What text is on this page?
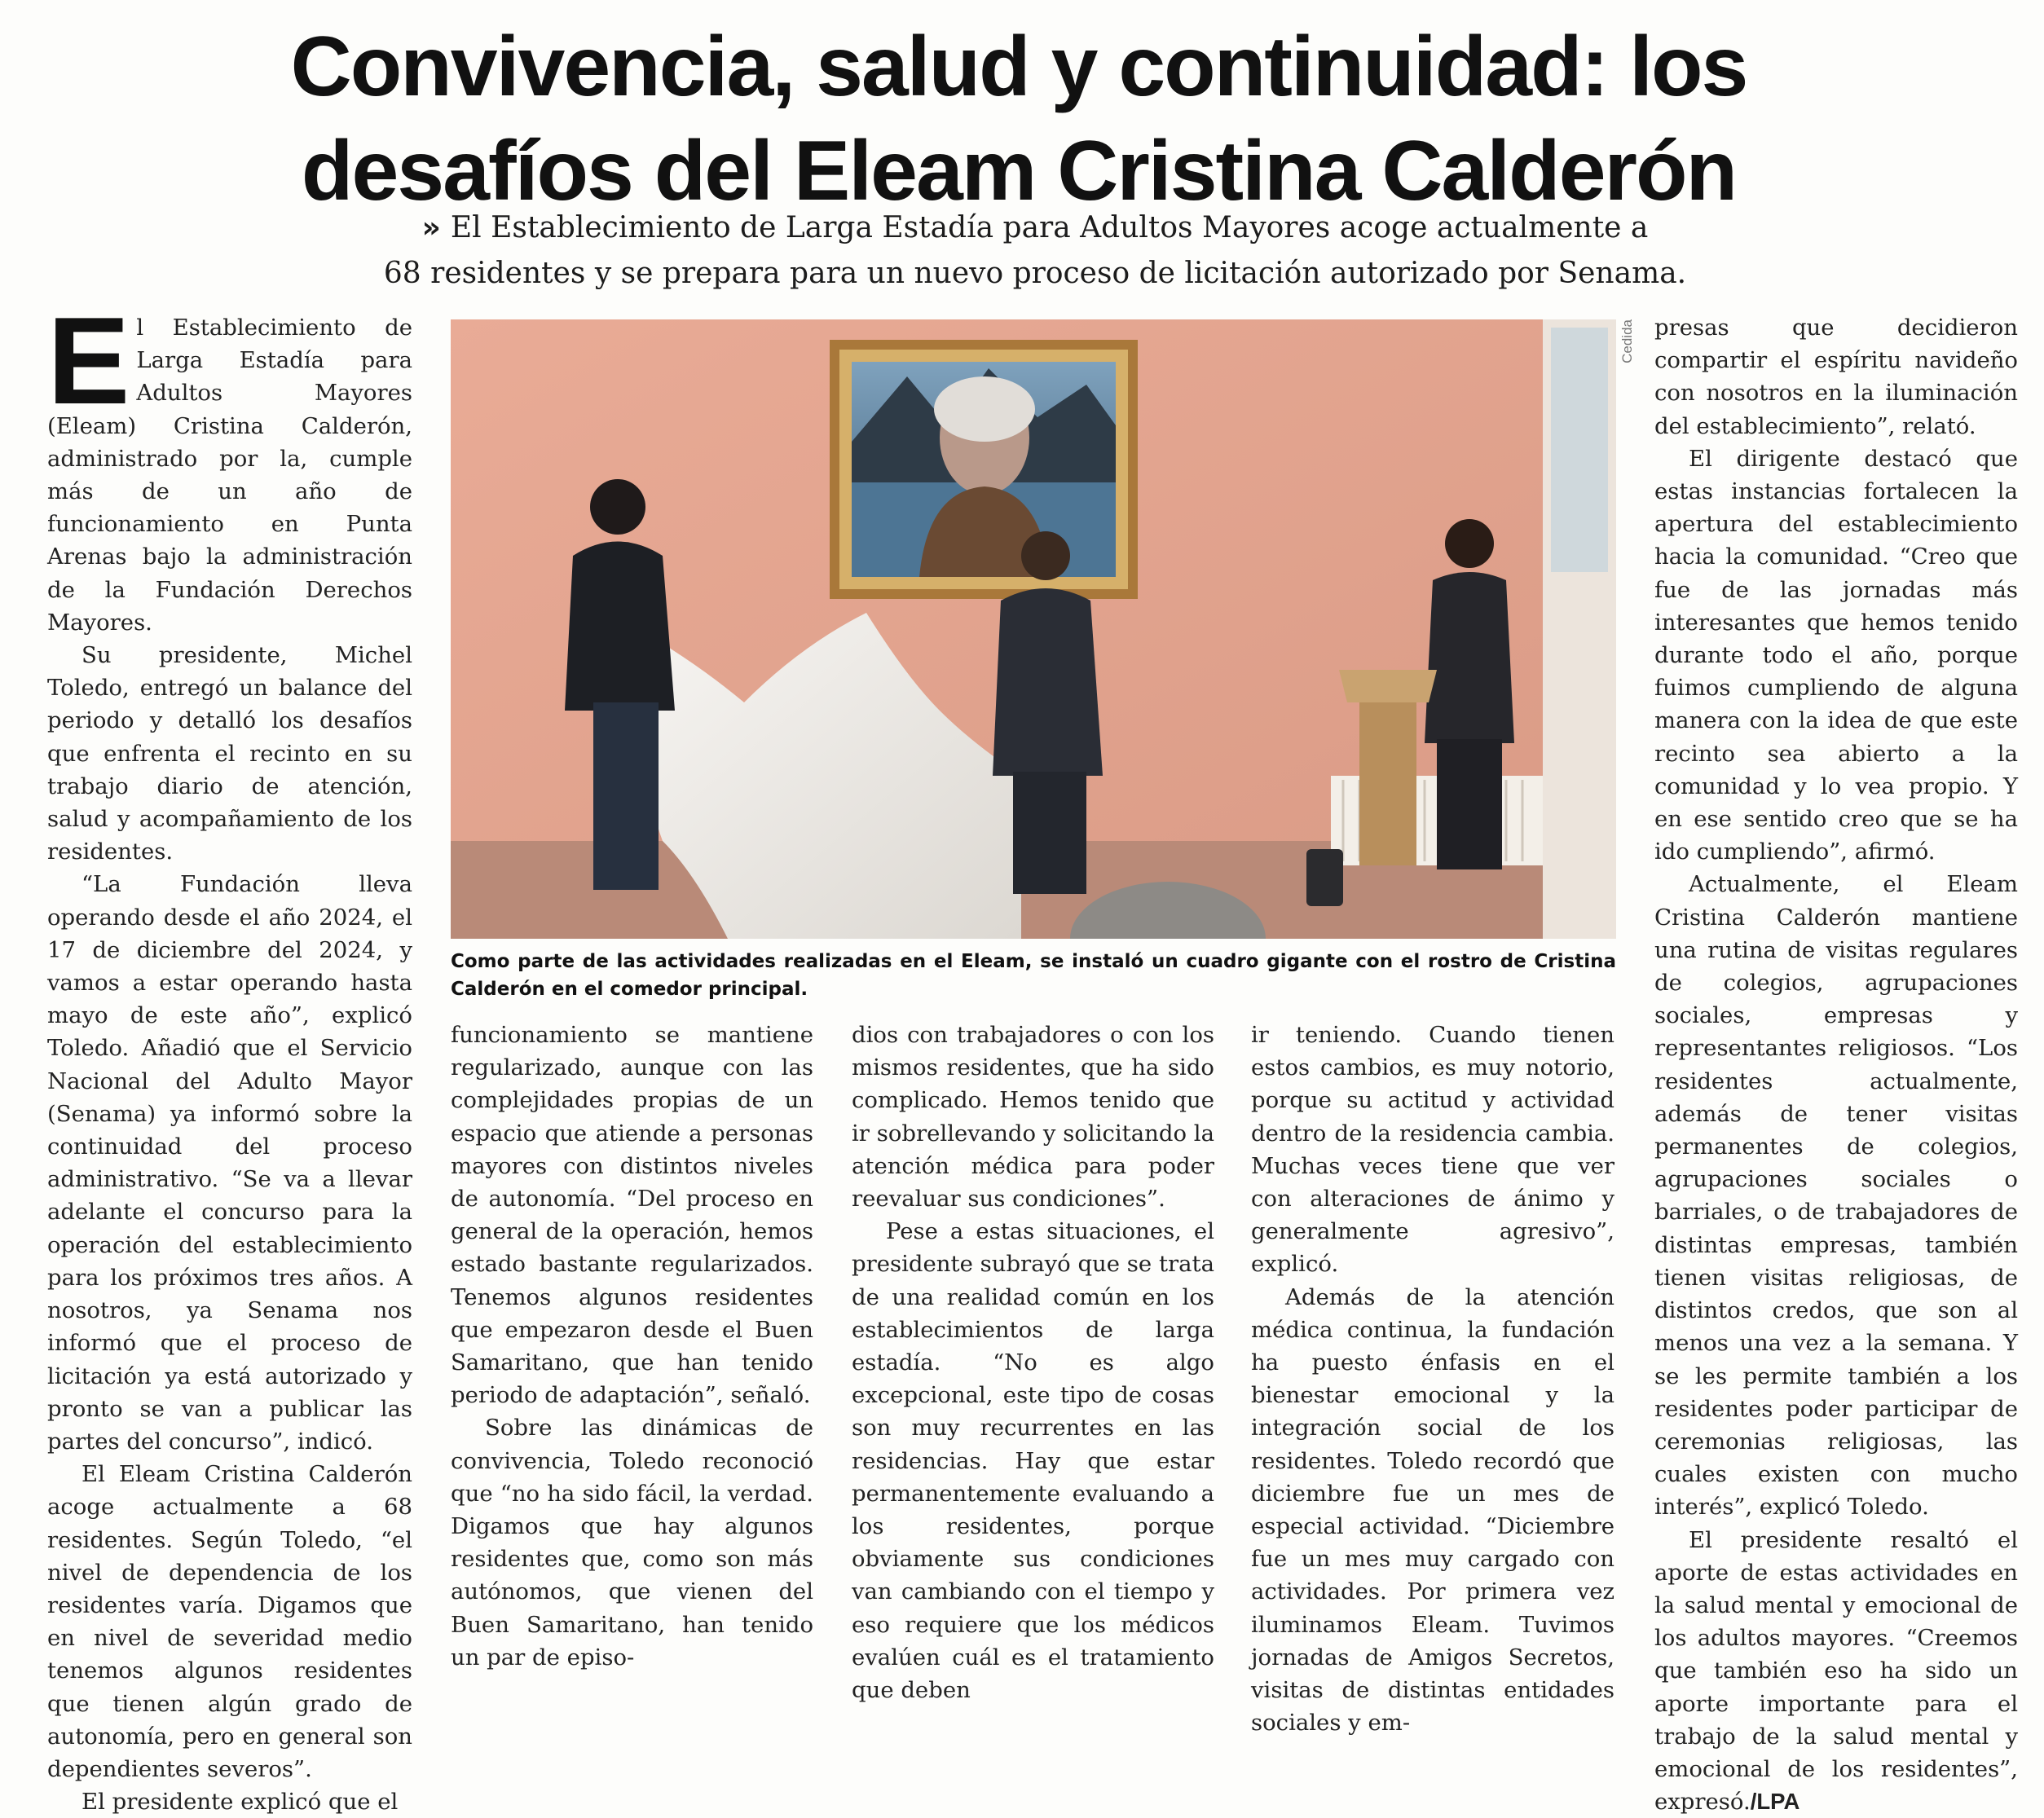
Convivencia, salud y continuidad: los
desafíos del Eleam Cristina Calderón
» El Establecimiento de Larga Estadía para Adultos Mayores acoge actualmente a
68 residentes y se prepara para un nuevo proceso de licitación autorizado por Senama.

El Establecimiento de Larga Estadía para Adultos Mayores (Eleam) Cristina Calderón, administrado por la, cumple más de un año de funcionamiento en Punta Arenas bajo la administración de la Fundación Derechos Mayores.

Su presidente, Michel Toledo, entregó un balance del periodo y detalló los desafíos que enfrenta el recinto en su trabajo diario de atención, salud y acompañamiento de los residentes.

“La Fundación lleva operando desde el año 2024, el 17 de diciembre del 2024, y vamos a estar operando hasta mayo de este año”, explicó Toledo. Añadió que el Servicio Nacional del Adulto Mayor (Senama) ya informó sobre la continuidad del proceso administrativo. “Se va a llevar adelante el concurso para la operación del establecimiento para los próximos tres años. A nosotros, ya Senama nos informó que el proceso de licitación ya está autorizado y pronto se van a publicar las partes del concurso”, indicó.

El Eleam Cristina Calderón acoge actualmente a 68 residentes. Según Toledo, “el nivel de dependencia de los residentes varía. Digamos que en nivel de severidad medio tenemos algunos residentes que tienen algún grado de autonomía, pero en general son dependientes severos”.

El presidente explicó que el

Cedida
Como parte de las actividades realizadas en el Eleam, se instaló un cuadro gigante con el rostro de Cristina Calderón en el comedor principal.

funcionamiento se mantiene regularizado, aunque con las complejidades propias de un espacio que atiende a personas mayores con distintos niveles de autonomía. “Del proceso en general de la operación, hemos estado bastante regularizados. Tenemos algunos residentes que empezaron desde el Buen Samaritano, que han tenido periodo de adaptación”, señaló.

Sobre las dinámicas de convivencia, Toledo reconoció que “no ha sido fácil, la verdad. Digamos que hay algunos residentes que, como son más autónomos, que vienen del Buen Samaritano, han tenido un par de episo-

dios con trabajadores o con los mismos residentes, que ha sido complicado. Hemos tenido que ir sobrellevando y solicitando la atención médica para poder reevaluar sus condiciones”.

Pese a estas situaciones, el presidente subrayó que se trata de una realidad común en los establecimientos de larga estadía. “No es algo excepcional, este tipo de cosas son muy recurrentes en las residencias. Hay que estar permanentemente evaluando a los residentes, porque obviamente sus condiciones van cambiando con el tiempo y eso requiere que los médicos evalúen cuál es el tratamiento que deben

ir teniendo. Cuando tienen estos cambios, es muy notorio, porque su actitud y actividad dentro de la residencia cambia. Muchas veces tiene que ver con alteraciones de ánimo y generalmente agresivo”, explicó.

Además de la atención médica continua, la fundación ha puesto énfasis en el bienestar emocional y la integración social de los residentes. Toledo recordó que diciembre fue un mes de especial actividad. “Diciembre fue un mes muy cargado con actividades. Por primera vez iluminamos Eleam. Tuvimos jornadas de Amigos Secretos, visitas de distintas entidades sociales y em-

presas que decidieron compartir el espíritu navideño con nosotros en la iluminación del establecimiento”, relató.

El dirigente destacó que estas instancias fortalecen la apertura del establecimiento hacia la comunidad. “Creo que fue de las jornadas más interesantes que hemos tenido durante todo el año, porque fuimos cumpliendo de alguna manera con la idea de que este recinto sea abierto a la comunidad y lo vea propio. Y en ese sentido creo que se ha ido cumpliendo”, afirmó.

Actualmente, el Eleam Cristina Calderón mantiene una rutina de visitas regulares de colegios, agrupaciones sociales, empresas y representantes religiosos. “Los residentes actualmente, además de tener visitas permanentes de colegios, agrupaciones sociales o barriales, o de trabajadores de distintas empresas, también tienen visitas religiosas, de distintos credos, que son al menos una vez a la semana. Y se les permite también a los residentes poder participar de ceremonias religiosas, las cuales existen con mucho interés”, explicó Toledo.

El presidente resaltó el aporte de estas actividades en la salud mental y emocional de los adultos mayores. “Creemos que también eso ha sido un aporte importante para el trabajo de la salud mental y emocional de los residentes”, expresó./LPA
